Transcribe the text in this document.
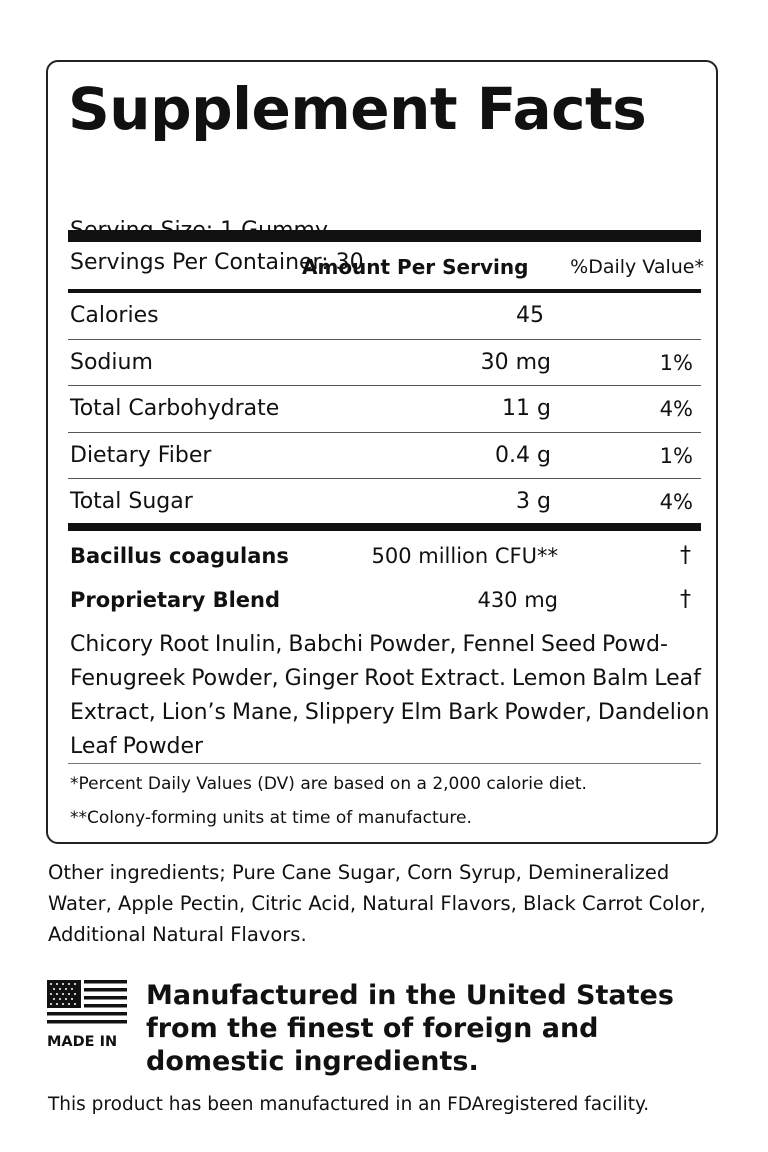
Supplement Facts
Servings Per Container: 30
Amount Per Serving %Daily Value*
Calories	45
Sodium	30 mg	1%
Total Carbohydrate	11 g	4%
Dietary Fiber	0.4 g	1%
Total Sugar	3 g	4%
Bacillus coagulans	500 million CFU**	†
Proprietary Blend	430 mg	†
Chicory Root Inulin, Babchi Powder, Fennel Seed Powd- Fenugreek Powder, Ginger Root Extract. Lemon Balm Leaf Extract, Lion’s Mane, Slippery Elm Bark Powder, Dandelion Leaf Powder
*Percent Daily Values (DV) are based on a 2,000 calorie diet.
**Colony-forming units at time of manufacture.
Other ingredients; Pure Cane Sugar, Corn Syrup, Demineralized Water, Apple Pectin, Citric Acid, Natural Flavors, Black Carrot Color, Additional Natural Flavors.
MADE IN
Manufactured in the United States from the finest of foreign and domestic ingredients.
This product has been manufactured in an FDAregistered facility.
